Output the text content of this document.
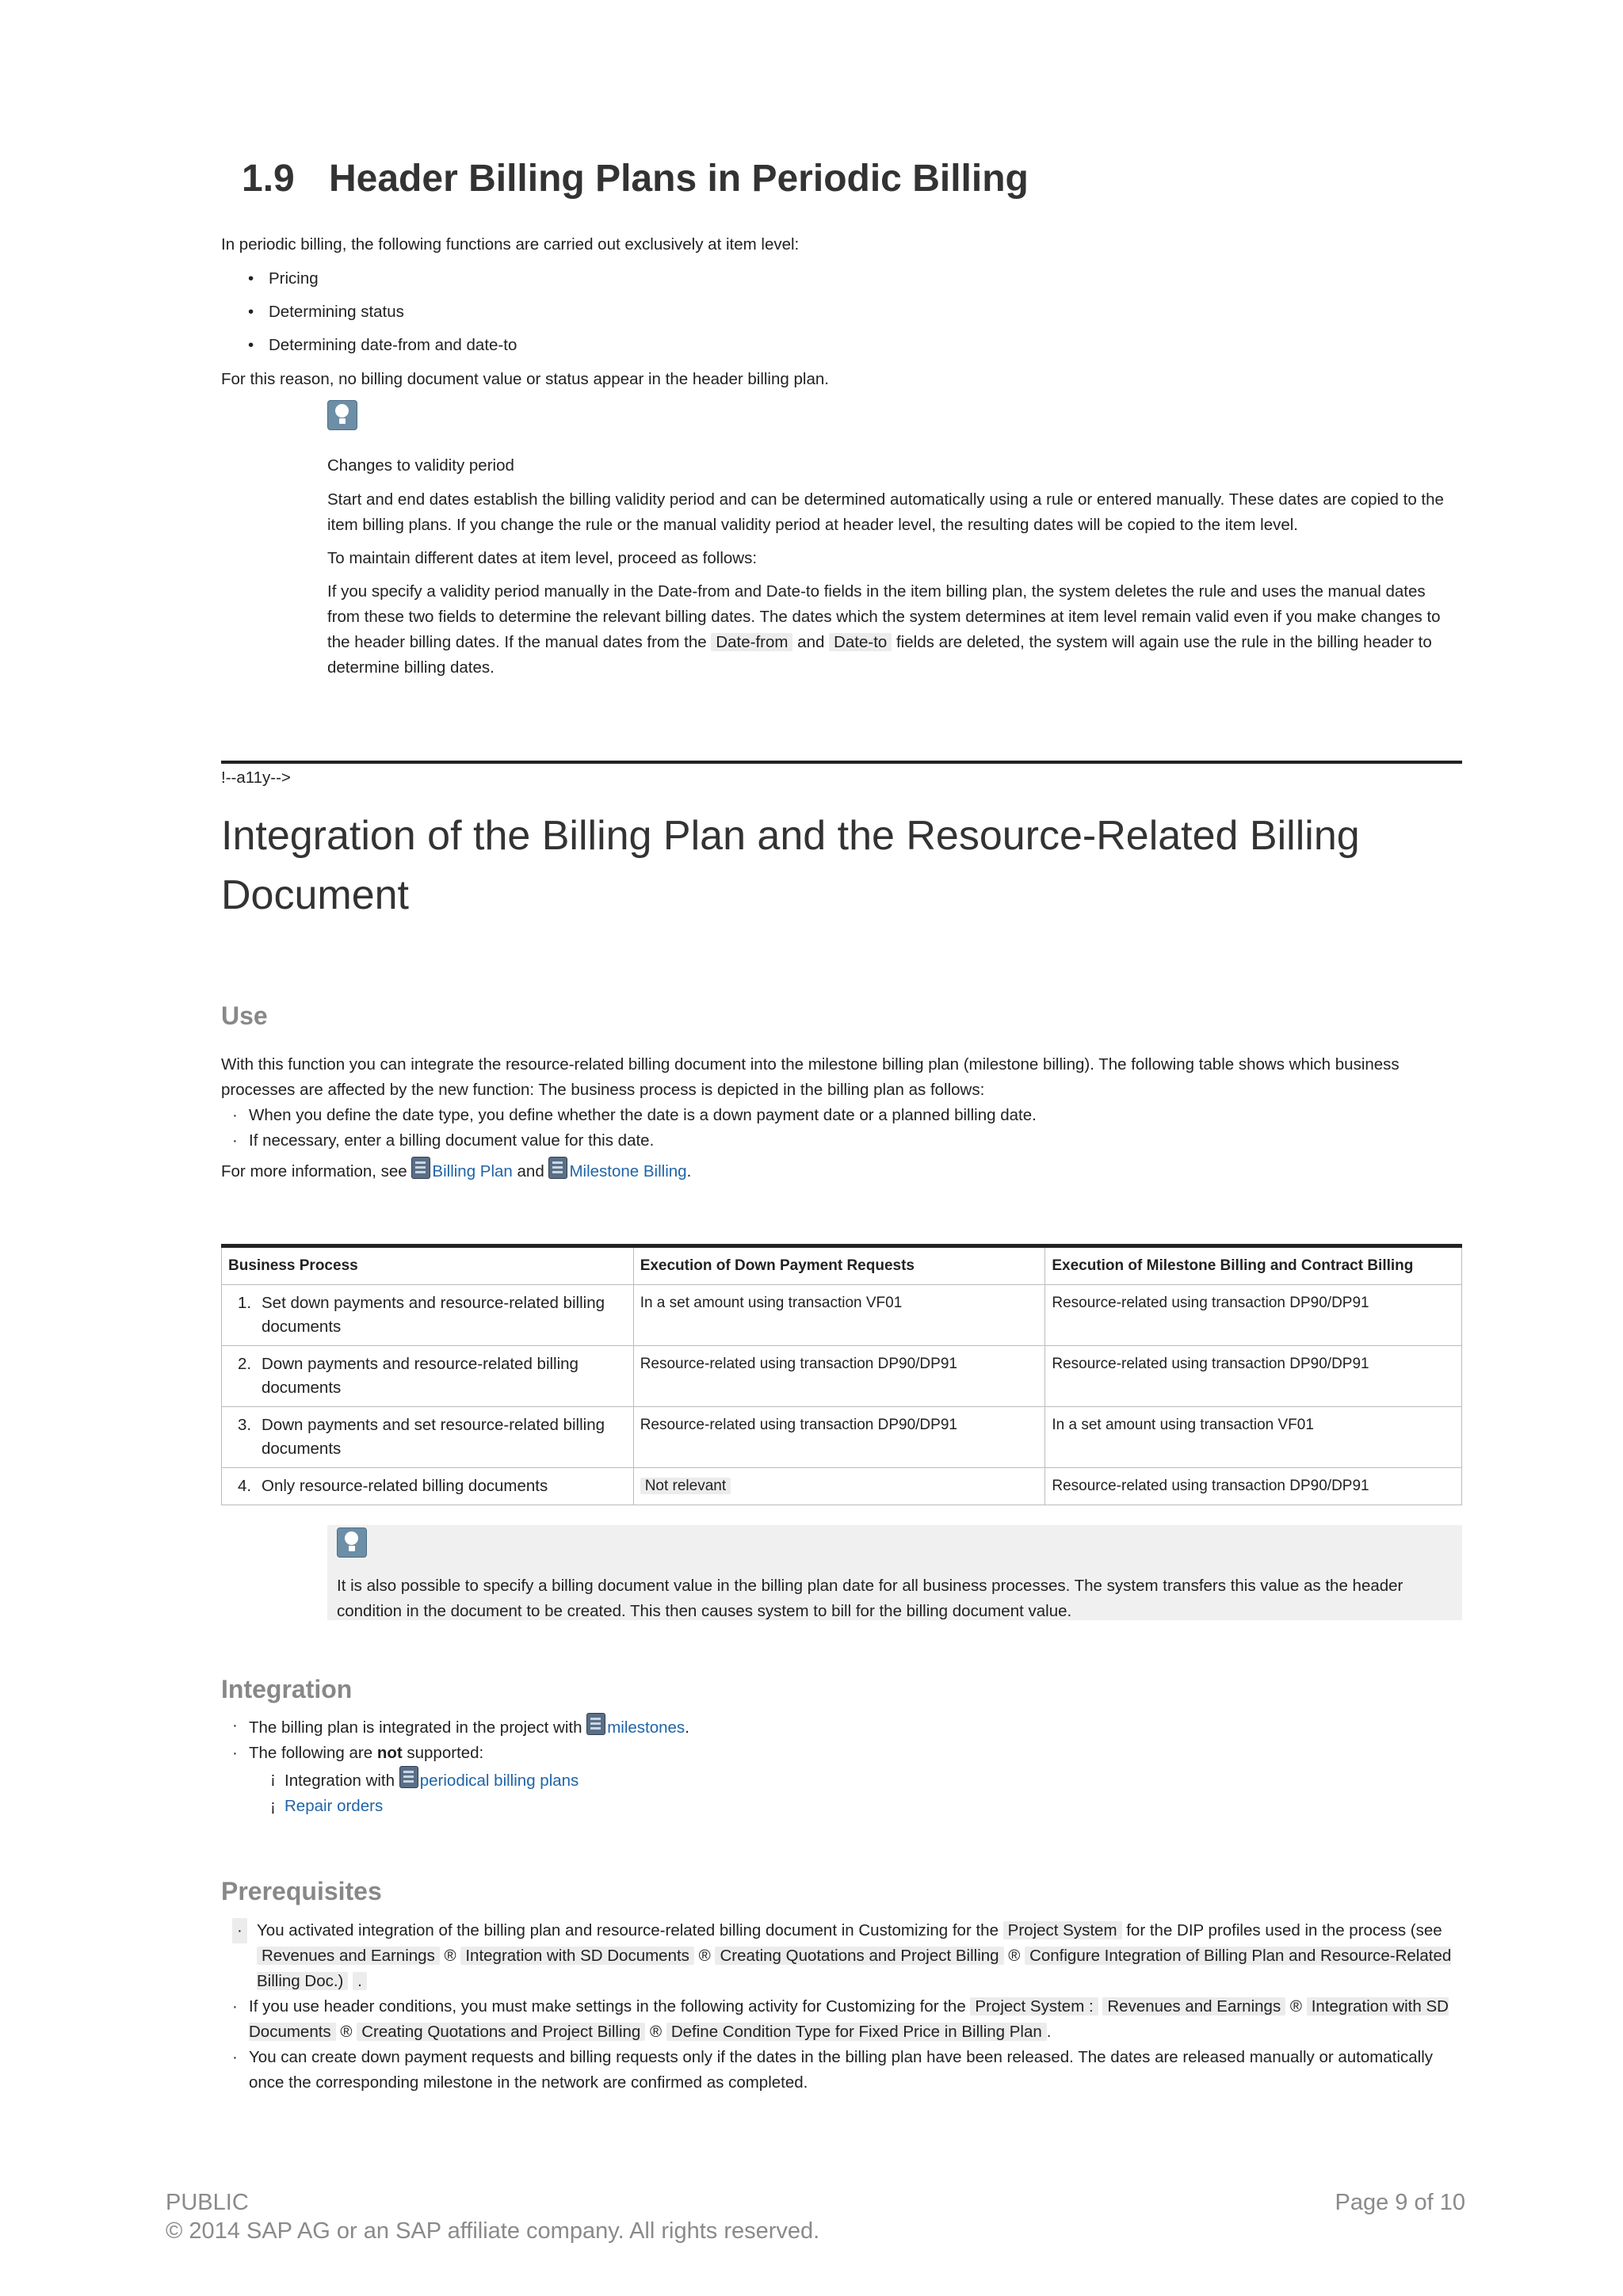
1.9 Header Billing Plans in Periodic Billing

In periodic billing, the following functions are carried out exclusively at item level:

• Pricing
• Determining status
• Determining date-from and date-to

For this reason, no billing document value or status appear in the header billing plan.

Changes to validity period

Start and end dates establish the billing validity period and can be determined automatically using a rule or entered manually. These dates are copied to the item billing plans. If you change the rule or the manual validity period at header level, the resulting dates will be copied to the item level.

To maintain different dates at item level, proceed as follows:

If you specify a validity period manually in the Date-from and Date-to fields in the item billing plan, the system deletes the rule and uses the manual dates from these two fields to determine the relevant billing dates. The dates which the system determines at item level remain valid even if you make changes to the header billing dates. If the manual dates from the Date-from and Date-to fields are deleted, the system will again use the rule in the billing header to determine billing dates.

!--a11y-->

Integration of the Billing Plan and the Resource-Related Billing Document
Use

With this function you can integrate the resource-related billing document into the milestone billing plan (milestone billing). The following table shows which business processes are affected by the new function: The business process is depicted in the billing plan as follows:

· When you define the date type, you define whether the date is a down payment date or a planned billing date.
· If necessary, enter a billing document value for this date.

For more information, see Billing Plan and Milestone Billing.

Business Process	Execution of Down Payment Requests	Execution of Milestone Billing and Contract Billing

1. Set down payments and resource-related billing documents	In a set amount using transaction VF01	Resource-related using transaction DP90/DP91

2. Down payments and resource-related billing documents	Resource-related using transaction DP90/DP91	Resource-related using transaction DP90/DP91

3. Down payments and set resource-related billing documents	Resource-related using transaction DP90/DP91	In a set amount using transaction VF01

4. Only resource-related billing documents	Not relevant	Resource-related using transaction DP90/DP91

It is also possible to specify a billing document value in the billing plan date for all business processes. The system transfers this value as the header condition in the document to be created. This then causes system to bill for the billing document value.

Integration
· The billing plan is integrated in the project with milestones.
· The following are not supported:
¡ Integration with periodical billing plans
¡ Repair orders
Prerequisites
· · You activated integration of the billing plan and resource-related billing document in Customizing for the Project System for the DIP profiles used in the process (see Revenues and Earnings ® Integration with SD Documents ® Creating Quotations and Project Billing ® Configure Integration of Billing Plan and Resource-Related Billing Doc.) .
· If you use header conditions, you must make settings in the following activity for Customizing for the Project System : Revenues and Earnings ® Integration with SD Documents ® Creating Quotations and Project Billing ® Define Condition Type for Fixed Price in Billing Plan .
· You can create down payment requests and billing requests only if the dates in the billing plan have been released. The dates are released manually or automatically once the corresponding milestone in the network are confirmed as completed.
PUBLIC
© 2014 SAP AG or an SAP affiliate company. All rights reserved.
Page 9 of 10
